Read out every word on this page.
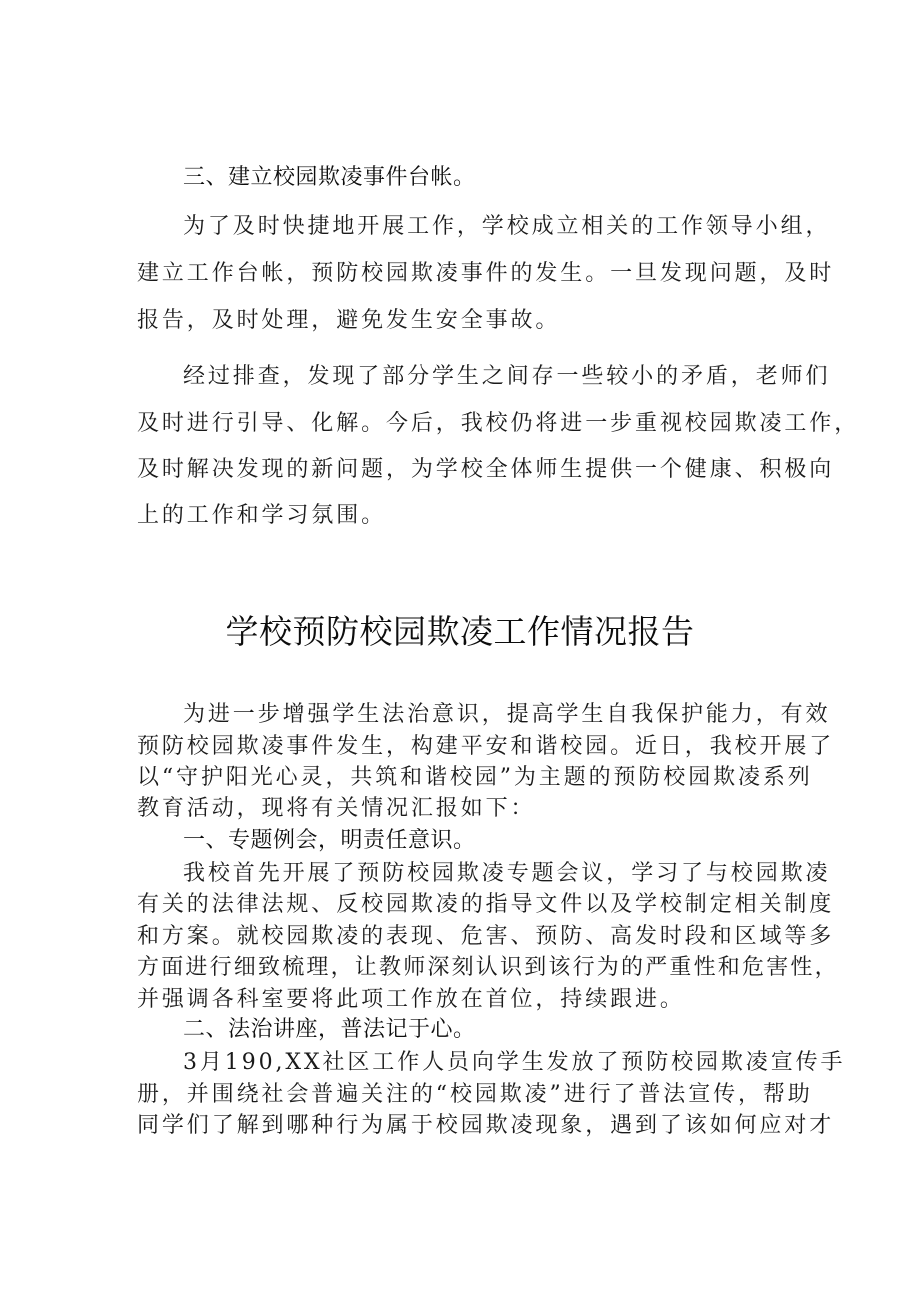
三、建立校园欺凌事件台帐。
为了及时快捷地开展工作，学校成立相关的工作领导小组，
建立工作台帐，预防校园欺凌事件的发生。一旦发现问题，及时
报告，及时处理，避免发生安全事故。
经过排查，发现了部分学生之间存一些较小的矛盾，老师们
及时进行引导、化解。今后，我校仍将进一步重视校园欺凌工作，
及时解决发现的新问题，为学校全体师生提供一个健康、积极向
上的工作和学习氛围。
学校预防校园欺凌工作情况报告
为进一步增强学生法治意识，提高学生自我保护能力，有效
预防校园欺凌事件发生，构建平安和谐校园。近日，我校开展了
以“守护阳光心灵，共筑和谐校园”为主题的预防校园欺凌系列
教育活动，现将有关情况汇报如下：
一、专题例会，明责任意识。
我校首先开展了预防校园欺凌专题会议，学习了与校园欺凌
有关的法律法规、反校园欺凌的指导文件以及学校制定相关制度
和方案。就校园欺凌的表现、危害、预防、高发时段和区域等多
方面进行细致梳理，让教师深刻认识到该行为的严重性和危害性，
并强调各科室要将此项工作放在首位，持续跟进。
二、法治讲座，普法记于心。
3月190,XX社区工作人员向学生发放了预防校园欺凌宣传手
册，并围绕社会普遍关注的“校园欺凌”进行了普法宣传，帮助
同学们了解到哪种行为属于校园欺凌现象，遇到了该如何应对才
